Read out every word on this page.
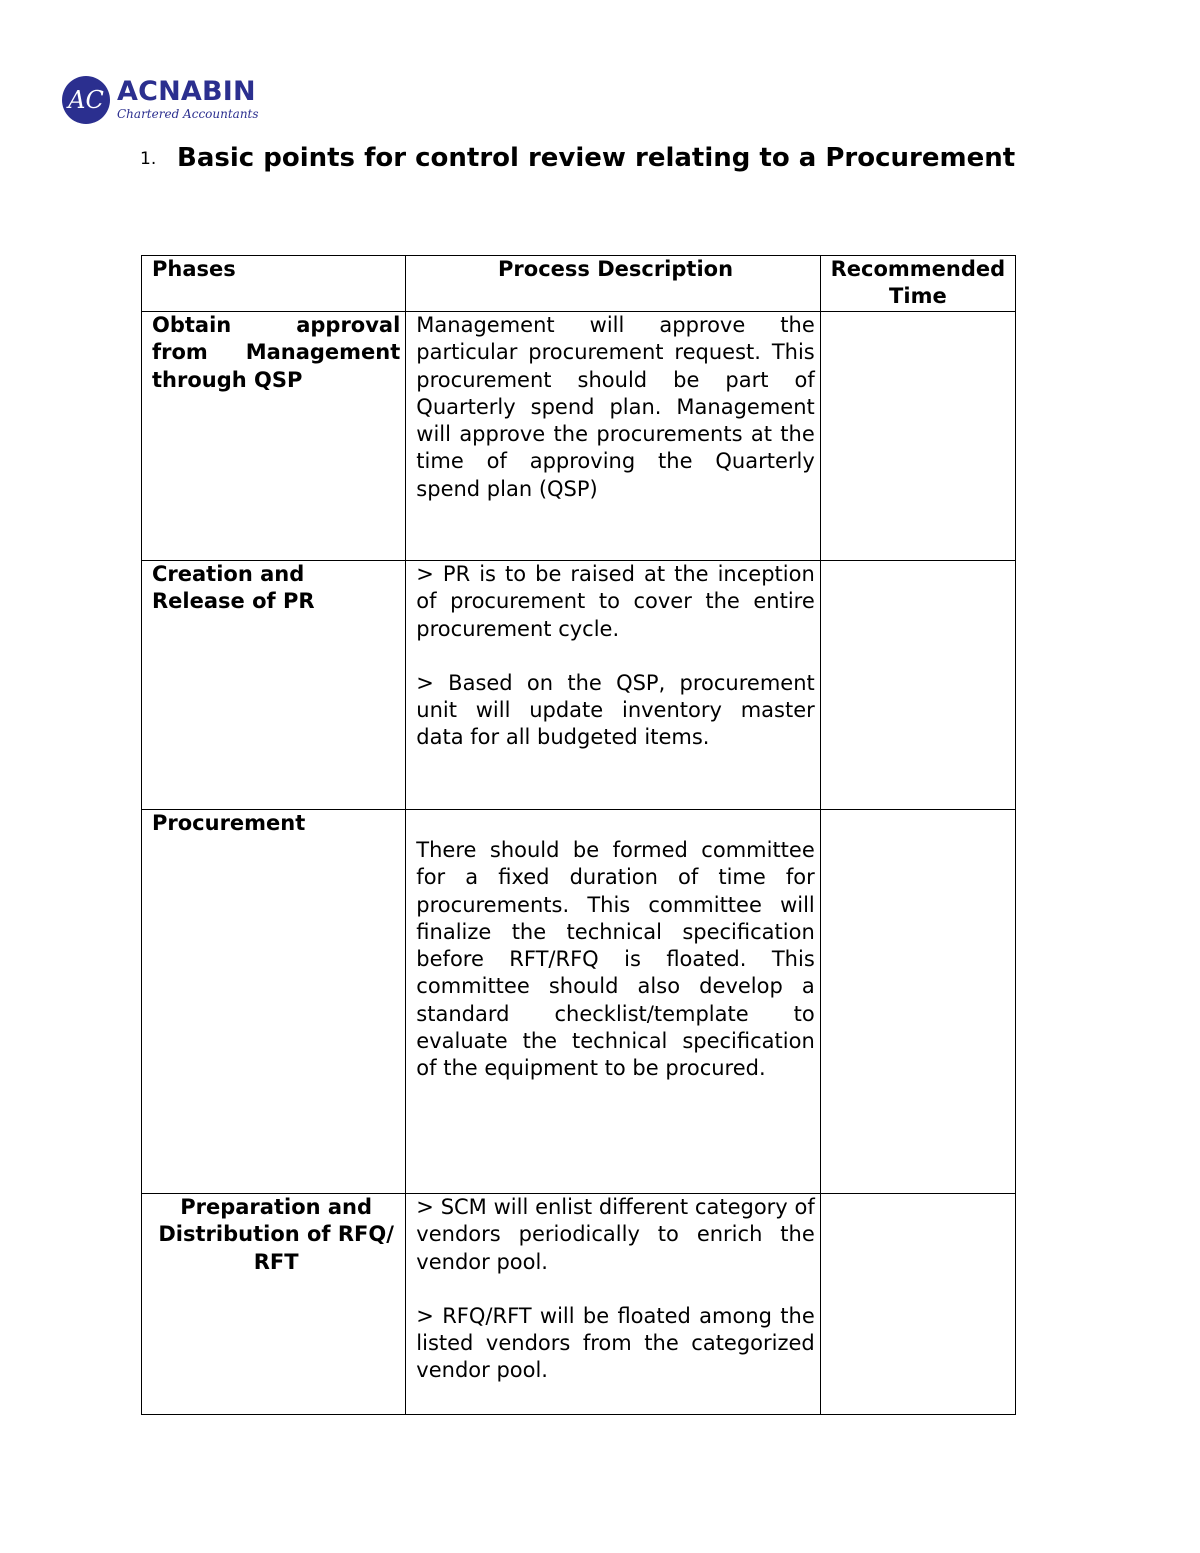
AC ACNABIN
Chartered Accountants
1. Basic points for control review relating to a Procurement
Phases	Process Description	Recommended Time
Obtain approval from Management through QSP	Management will approve the particular procurement request. This procurement should be part of Quarterly spend plan. Management will approve the procurements at the time of approving the Quarterly spend plan (QSP)	

Creation and Release of PR	> PR is to be raised at the inception of procurement to cover the entire procurement cycle.

> Based on the QSP, procurement unit will update inventory master data for all budgeted items.	

Procurement	There should be formed committee for a fixed duration of time for procurements. This committee will finalize the technical specification before RFT/RFQ is floated. This committee should also develop a standard checklist/template to evaluate the technical specification of the equipment to be procured.	

Preparation and Distribution of RFQ/ RFT	> SCM will enlist different category of vendors periodically to enrich the vendor pool.

> RFQ/RFT will be floated among the listed vendors from the categorized vendor pool.	
